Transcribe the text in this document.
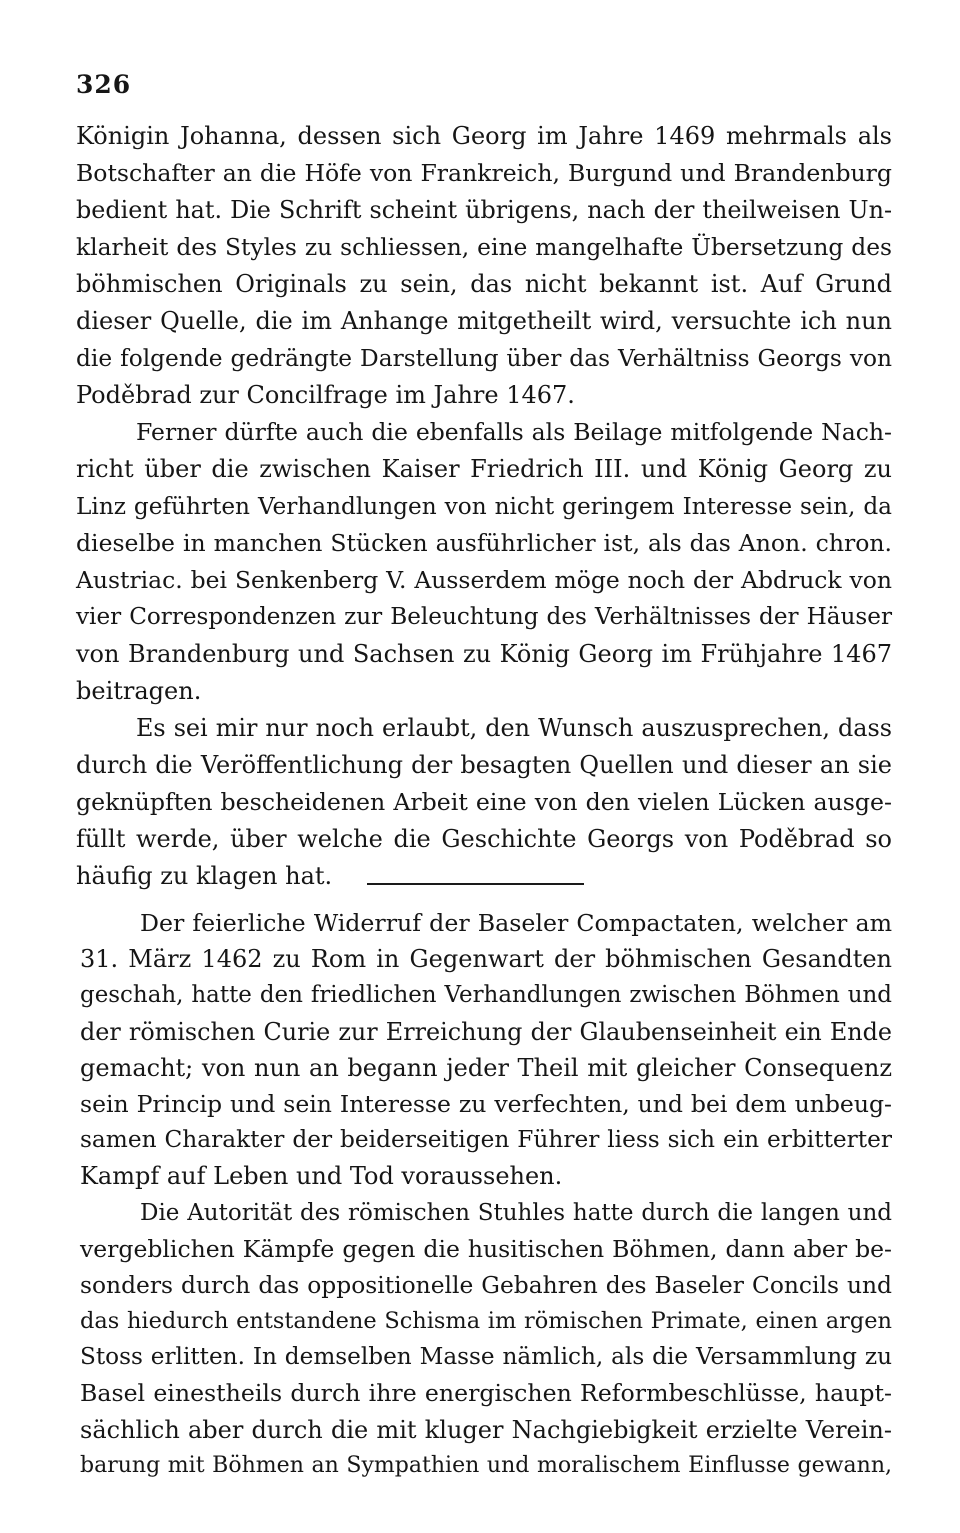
326
Königin Johanna, dessen sich Georg im Jahre 1469 mehrmals als
Botschafter an die Höfe von Frankreich, Burgund und Brandenburg
bedient hat. Die Schrift scheint übrigens, nach der theilweisen Un-
klarheit des Styles zu schliessen, eine mangelhafte Übersetzung des
böhmischen Originals zu sein, das nicht bekannt ist. Auf Grund
dieser Quelle, die im Anhange mitgetheilt wird, versuchte ich nun
die folgende gedrängte Darstellung über das Verhältniss Georgs von
Poděbrad zur Concilfrage im Jahre 1467.
Ferner dürfte auch die ebenfalls als Beilage mitfolgende Nach-
richt über die zwischen Kaiser Friedrich III. und König Georg zu
Linz geführten Verhandlungen von nicht geringem Interesse sein, da
dieselbe in manchen Stücken ausführlicher ist, als das Anon. chron.
Austriac. bei Senkenberg V. Ausserdem möge noch der Abdruck von
vier Correspondenzen zur Beleuchtung des Verhältnisses der Häuser
von Brandenburg und Sachsen zu König Georg im Frühjahre 1467
beitragen.
Es sei mir nur noch erlaubt, den Wunsch auszusprechen, dass
durch die Veröffentlichung der besagten Quellen und dieser an sie
geknüpften bescheidenen Arbeit eine von den vielen Lücken ausge-
füllt werde, über welche die Geschichte Georgs von Poděbrad so
häufig zu klagen hat.
Der feierliche Widerruf der Baseler Compactaten, welcher am
31. März 1462 zu Rom in Gegenwart der böhmischen Gesandten
geschah, hatte den friedlichen Verhandlungen zwischen Böhmen und
der römischen Curie zur Erreichung der Glaubenseinheit ein Ende
gemacht; von nun an begann jeder Theil mit gleicher Consequenz
sein Princip und sein Interesse zu verfechten, und bei dem unbeug-
samen Charakter der beiderseitigen Führer liess sich ein erbitterter
Kampf auf Leben und Tod voraussehen.
Die Autorität des römischen Stuhles hatte durch die langen und
vergeblichen Kämpfe gegen die husitischen Böhmen, dann aber be-
sonders durch das oppositionelle Gebahren des Baseler Concils und
das hiedurch entstandene Schisma im römischen Primate, einen argen
Stoss erlitten. In demselben Masse nämlich, als die Versammlung zu
Basel einestheils durch ihre energischen Reformbeschlüsse, haupt-
sächlich aber durch die mit kluger Nachgiebigkeit erzielte Verein-
barung mit Böhmen an Sympathien und moralischem Einflusse gewann,
